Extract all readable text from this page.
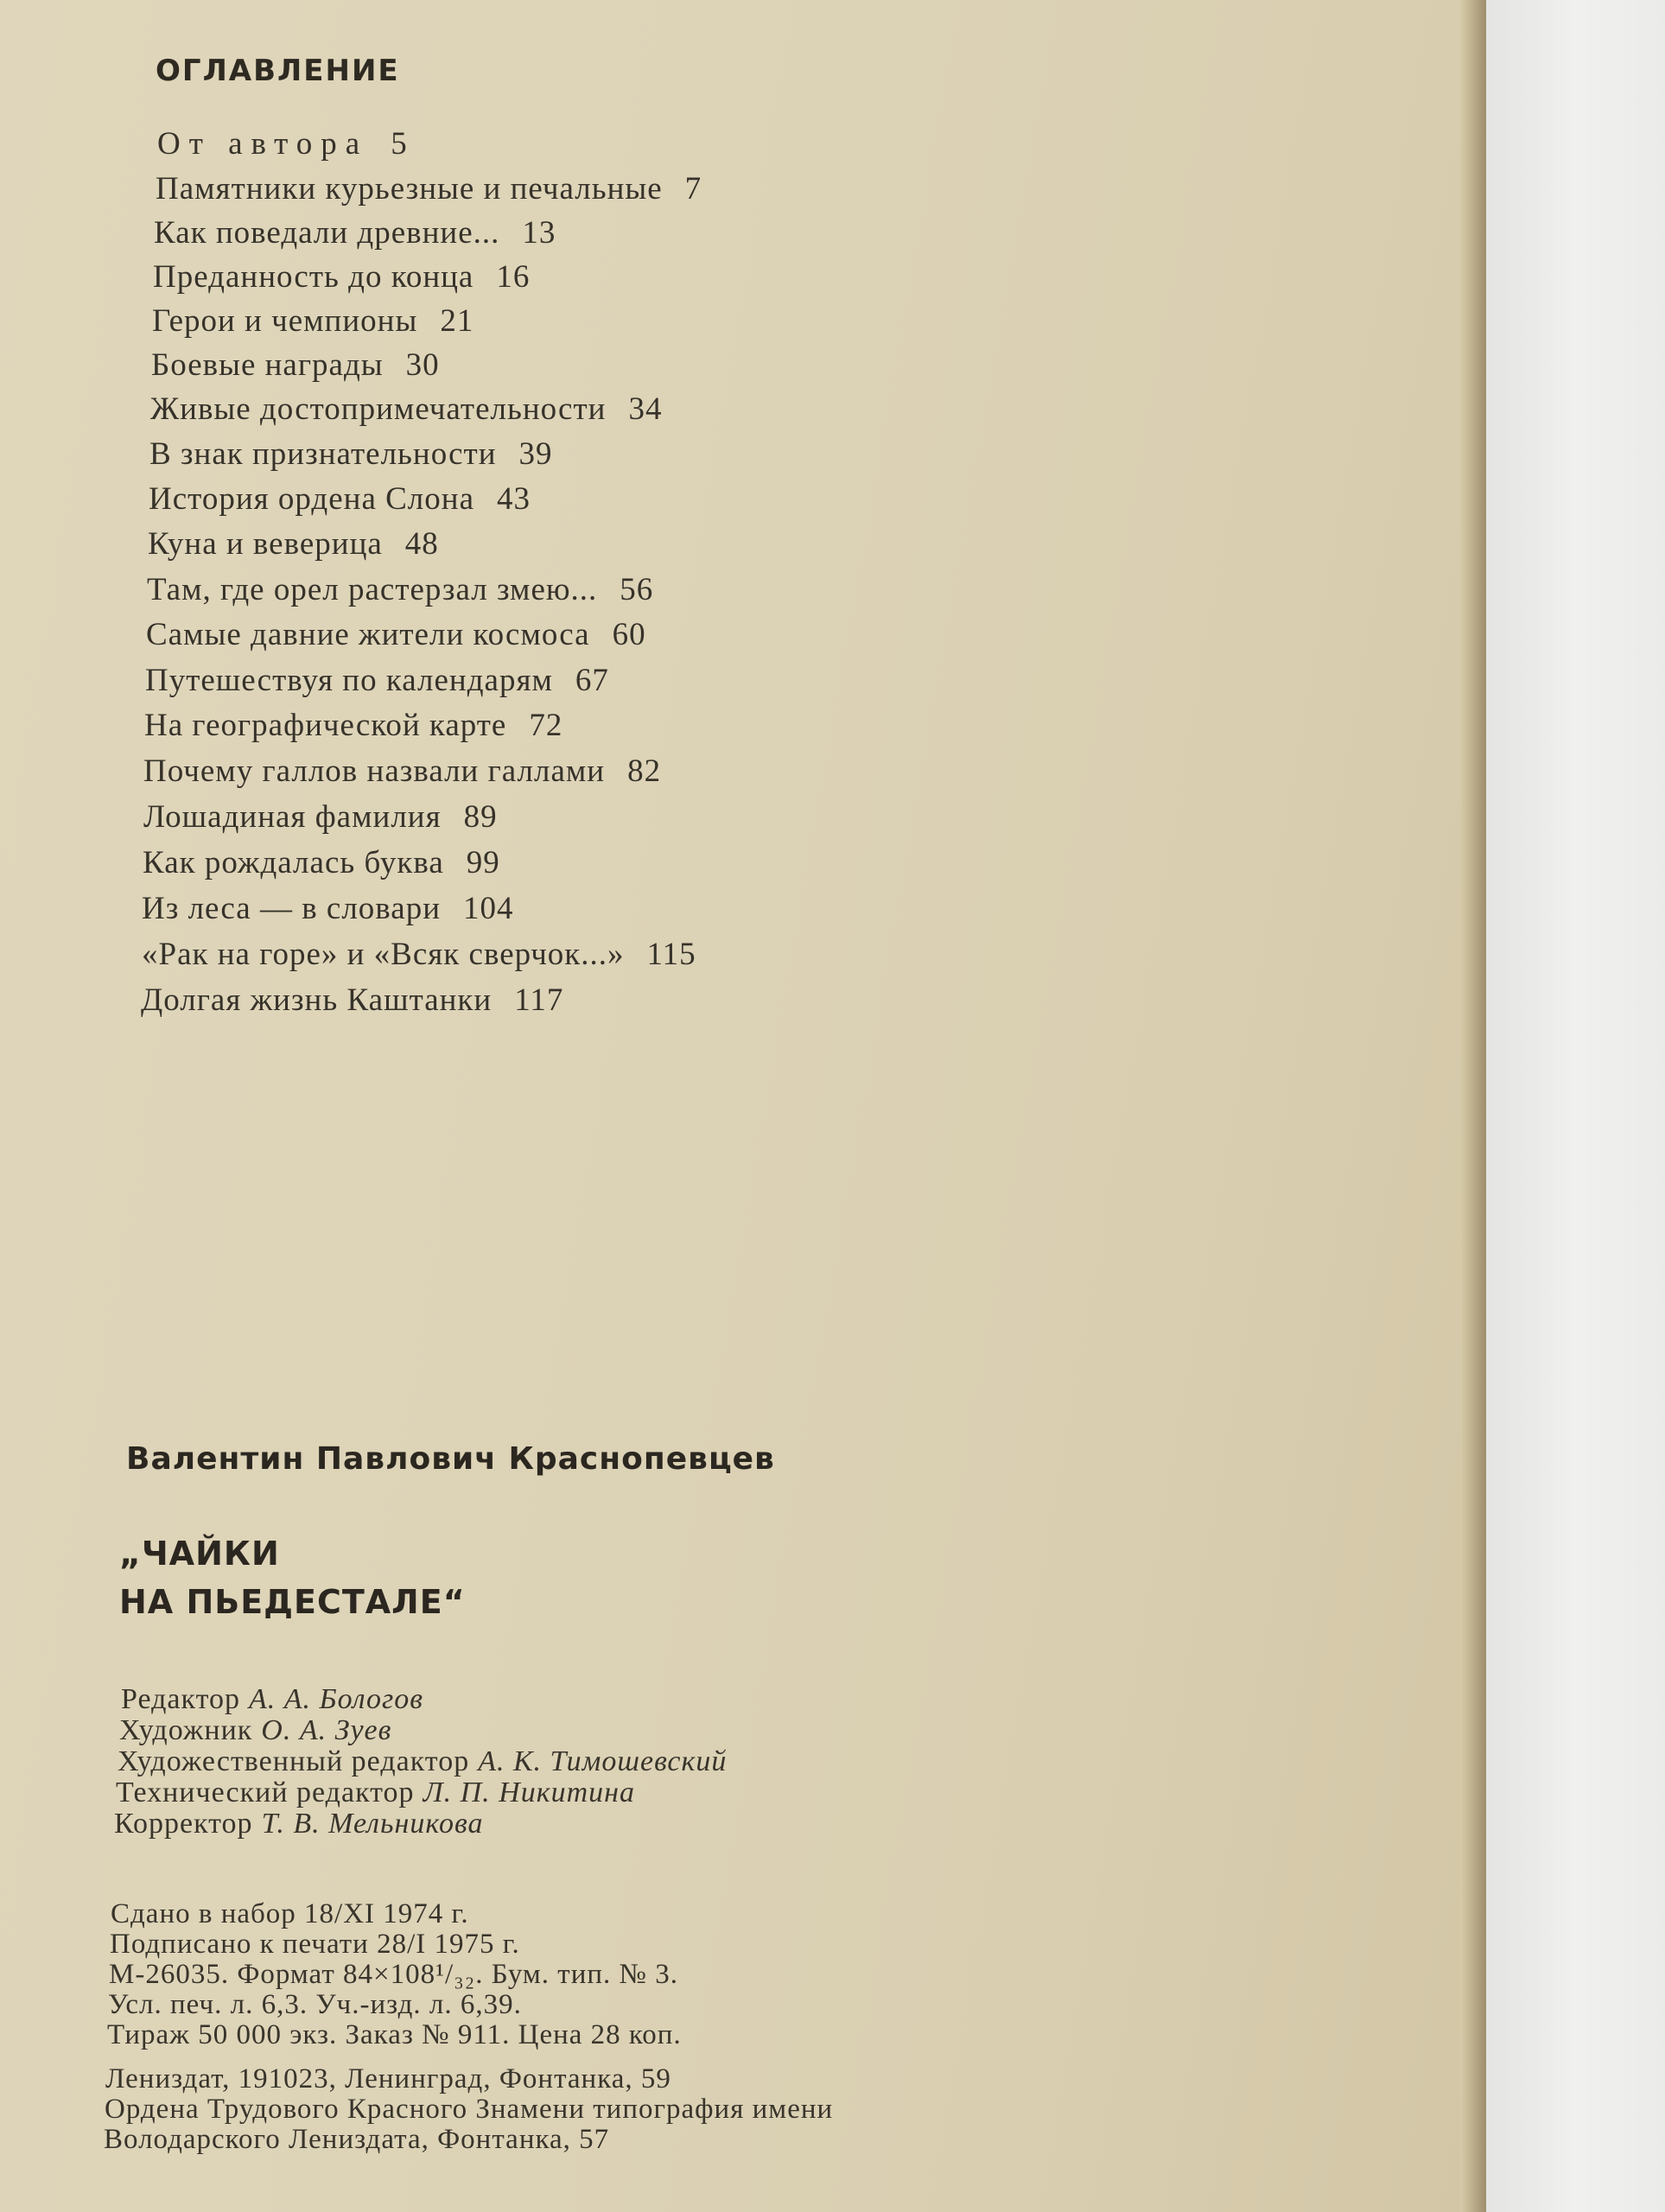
ОГЛАВЛЕНИЕ
От автора 5
Памятники курьезные и печальные 7
Как поведали древние... 13
Преданность до конца 16
Герои и чемпионы 21
Боевые награды 30
Живые достопримечательности 34
В знак признательности 39
История ордена Слона 43
Куна и веверица 48
Там, где орел растерзал змею... 56
Самые давние жители космоса 60
Путешествуя по календарям 67
На географической карте 72
Почему галлов назвали галлами 82
Лошадиная фамилия 89
Как рождалась буква 99
Из леса — в словари 104
«Рак на горе» и «Всяк сверчок...» 115
Долгая жизнь Каштанки 117
Валентин Павлович Краснопевцев
„ЧАЙКИ
НА ПЬЕДЕСТАЛЕ“
Редактор А. А. Бологов
Художник О. А. Зуев
Художественный редактор А. К. Тимошевский
Технический редактор Л. П. Никитина
Корректор Т. В. Мельникова
Сдано в набор 18/XI 1974 г.
Подписано к печати 28/I 1975 г.
М-26035. Формат 84×108¹/₃₂. Бум. тип. № 3.
Усл. печ. л. 6,3. Уч.-изд. л. 6,39.
Тираж 50 000 экз. Заказ № 911. Цена 28 коп.
Лениздат, 191023, Ленинград, Фонтанка, 59
Ордена Трудового Красного Знамени типография имени
Володарского Лениздата, Фонтанка, 57
